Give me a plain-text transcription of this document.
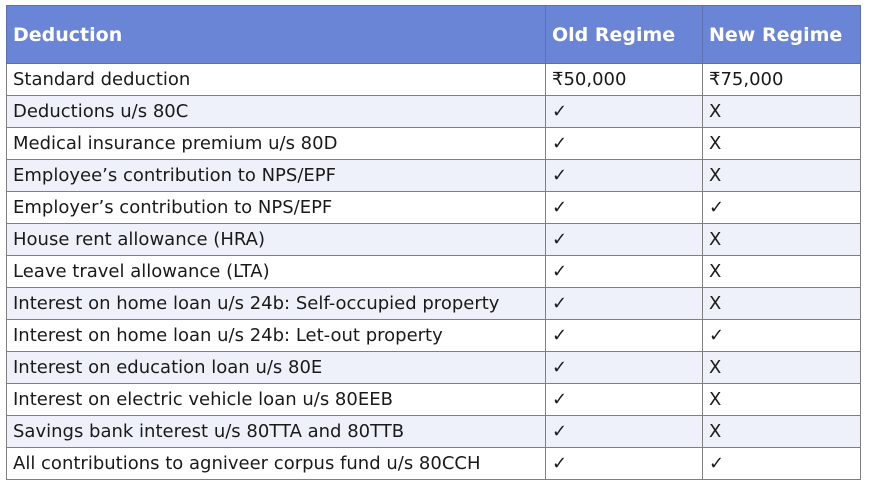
Deduction	Old Regime	New Regime
Standard deduction	₹50,000	₹75,000
Deductions u/s 80C	✓	X
Medical insurance premium u/s 80D	✓	X
Employee’s contribution to NPS/EPF	✓	X
Employer’s contribution to NPS/EPF	✓	✓
House rent allowance (HRA)	✓	X
Leave travel allowance (LTA)	✓	X
Interest on home loan u/s 24b: Self-occupied property	✓	X
Interest on home loan u/s 24b: Let-out property	✓	✓
Interest on education loan u/s 80E	✓	X
Interest on electric vehicle loan u/s 80EEB	✓	X
Savings bank interest u/s 80TTA and 80TTB	✓	X
All contributions to agniveer corpus fund u/s 80CCH	✓	✓
